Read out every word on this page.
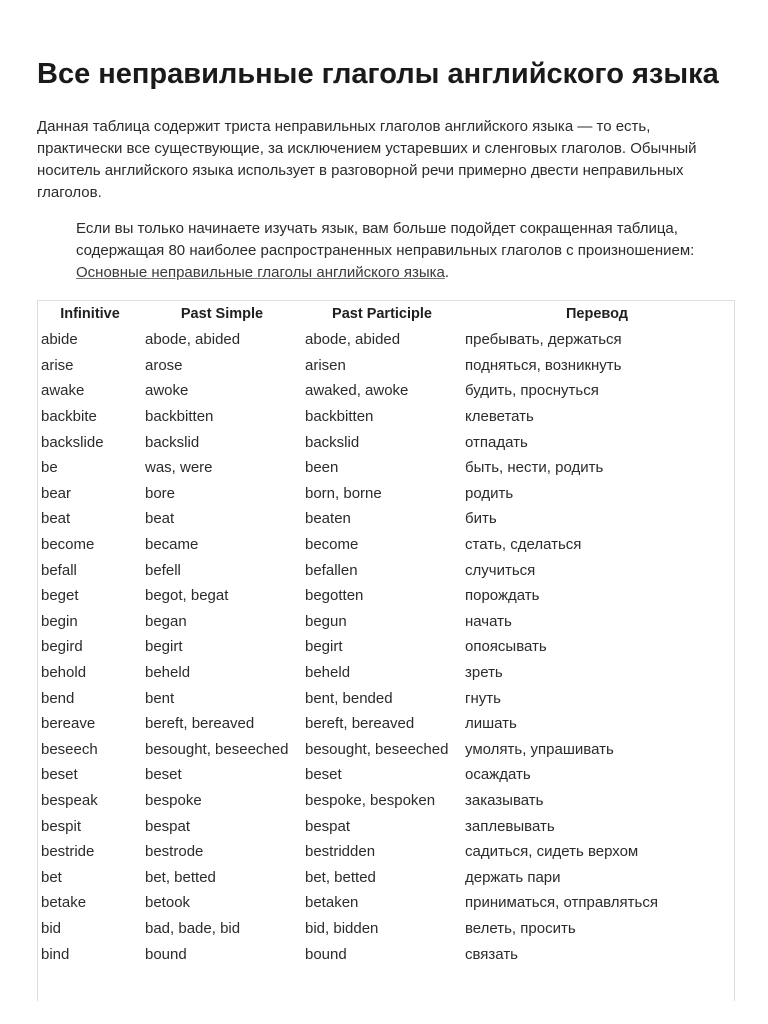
Все неправильные глаголы английского языка

Данная таблица содержит триста неправильных глаголов английского языка — то есть, практически все существующие, за исключением устаревших и сленговых глаголов. Обычный носитель английского языка использует в разговорной речи примерно двести неправильных глаголов.

Если вы только начинаете изучать язык, вам больше подойдет сокращенная таблица, содержащая 80 наиболее распространенных неправильных глаголов с произношением: Основные неправильные глаголы английского языка.

Infinitive	Past Simple	Past Participle	Перевод
abide	abode, abided	abode, abided	пребывать, держаться
arise	arose	arisen	подняться, возникнуть
awake	awoke	awaked, awoke	будить, проснуться
backbite	backbitten	backbitten	клеветать
backslide	backslid	backslid	отпадать
be	was, were	been	быть, нести, родить
bear	bore	born, borne	родить
beat	beat	beaten	бить
become	became	become	стать, сделаться
befall	befell	befallen	случиться
beget	begot, begat	begotten	порождать
begin	began	begun	начать
begird	begirt	begirt	опоясывать
behold	beheld	beheld	зреть
bend	bent	bent, bended	гнуть
bereave	bereft, bereaved	bereft, bereaved	лишать
beseech	besought, beseeched	besought, beseeched	умолять, упрашивать
beset	beset	beset	осаждать
bespeak	bespoke	bespoke, bespoken	заказывать
bespit	bespat	bespat	заплевывать
bestride	bestrode	bestridden	садиться, сидеть верхом
bet	bet, betted	bet, betted	держать пари
betake	betook	betaken	приниматься, отправляться
bid	bad, bade, bid	bid, bidden	велеть, просить
bind	bound	bound	связать
